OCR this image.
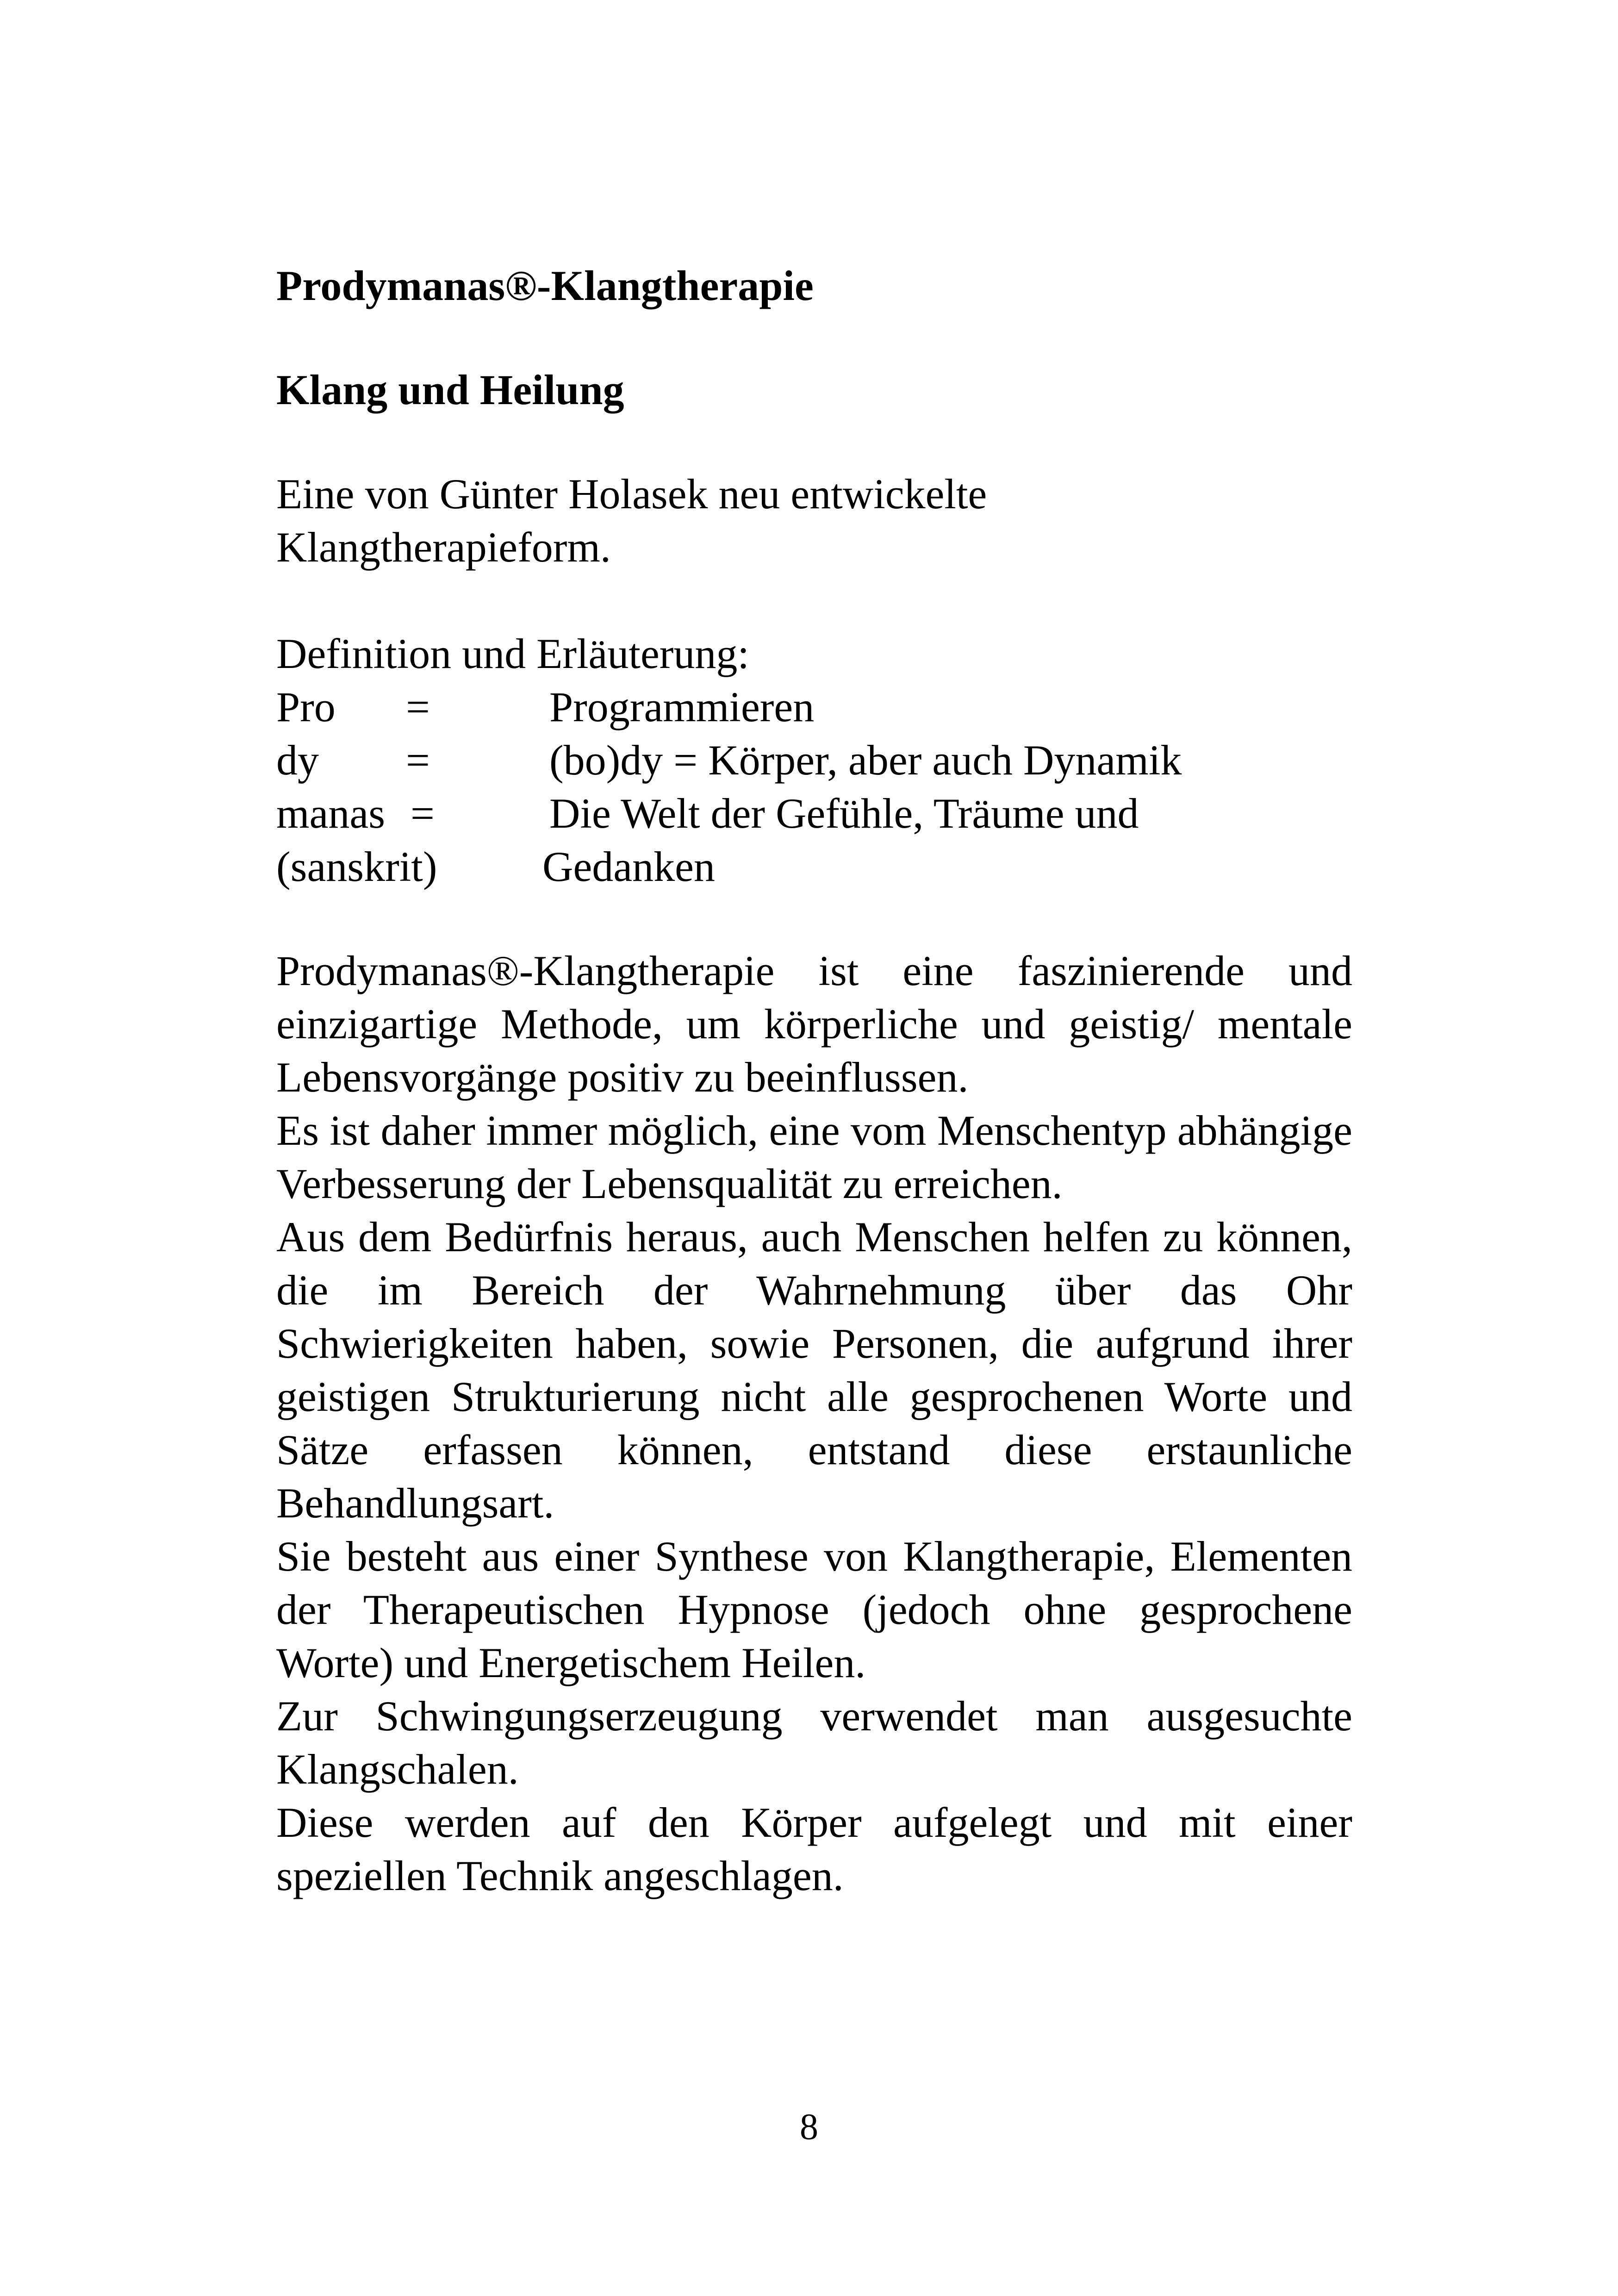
Prodymanas®-Klangtherapie
Klang und Heilung

Eine von Günter Holasek neu entwickelte Klangtherapieform.

Definition und Erläuterung:

Pro =	Programmieren
dy =	(bo)dy = Körper, aber auch Dynamik
manas =	Die Welt der Gefühle, Träume und
(sanskrit) Gedanken

Prodymanas®-Klangtherapie ist eine faszinierende und einzigartige Methode, um körperliche und geistig/ mentale Lebensvorgänge positiv zu beeinflussen.

Es ist daher immer möglich, eine vom Menschentyp abhängige Verbesserung der Lebensqualität zu erreichen.

Aus dem Bedürfnis heraus, auch Menschen helfen zu können, die im Bereich der Wahrnehmung über das Ohr Schwierigkeiten haben, sowie Personen, die aufgrund ihrer geistigen Strukturierung nicht alle gesprochenen Worte und Sätze erfassen können, entstand diese erstaunliche Behandlungsart.

Sie besteht aus einer Synthese von Klangtherapie, Elementen der Therapeutischen Hypnose (jedoch ohne gesprochene Worte) und Energetischem Heilen.

Zur Schwingungserzeugung verwendet man ausgesuchte Klangschalen.

Diese werden auf den Körper aufgelegt und mit einer speziellen Technik angeschlagen.

8
